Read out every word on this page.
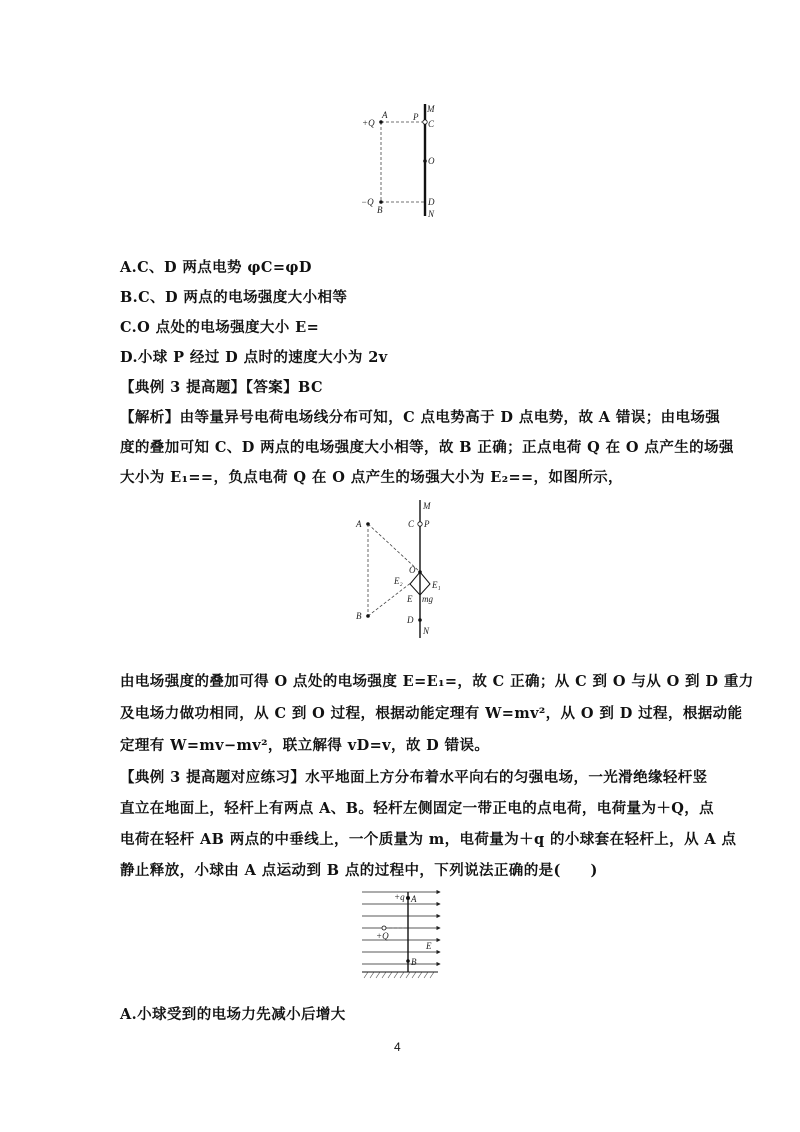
+Q
A	P
M
C
O
−Q
B
D
N
A.C、D 两点电势 φC=φD
B.C、D 两点的电场强度大小相等
C.O 点处的电场强度大小 E=
D.小球 P 经过 D 点时的速度大小为 2v
【典例 3 提高题】【答案】BC
【解析】由等量异号电荷电场线分布可知，C 点电势高于 D 点电势，故 A 错误；由电场强
度的叠加可知 C、D 两点的电场强度大小相等，故 B 正确；正点电荷 Q 在 O 点产生的场强
大小为 E₁==，负点电荷 Q 在 O 点产生的场强大小为 E₂==，如图所示，
M
A	C P
O
E₂	E₁
E mg
B	D
N
由电场强度的叠加可得 O 点处的电场强度 E=E₁=，故 C 正确；从 C 到 O 与从 O 到 D 重力
及电场力做功相同，从 C 到 O 过程，根据动能定理有 W=mv²，从 O 到 D 过程，根据动能
定理有 W=mv−mv²，联立解得 vD=v，故 D 错误。
【典例 3 提高题对应练习】水平地面上方分布着水平向右的匀强电场，一光滑绝缘轻杆竖
直立在地面上，轻杆上有两点 A、B。轻杆左侧固定一带正电的点电荷，电荷量为＋Q，点
电荷在轻杆 AB 两点的中垂线上，一个质量为 m，电荷量为＋q 的小球套在轻杆上，从 A 点
静止释放，小球由 A 点运动到 B 点的过程中，下列说法正确的是(　　)
+q A
+Q
E
B
A.小球受到的电场力先减小后增大
4
